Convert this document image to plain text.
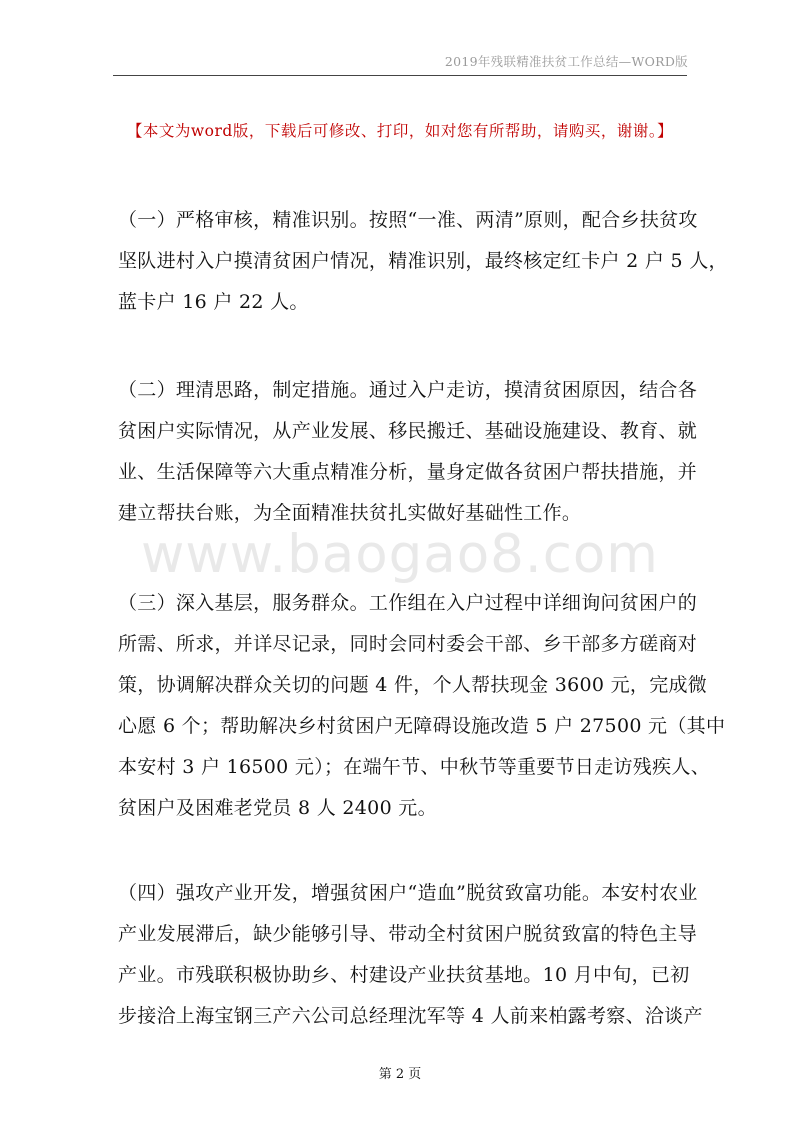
2019年残联精准扶贫工作总结—WORD版
【本文为word版，下载后可修改、打印，如对您有所帮助，请购买，谢谢。】
www.baogao8.com
（一）严格审核，精准识别。按照“一准、两清”原则，配合乡扶贫攻
坚队进村入户摸清贫困户情况，精准识别，最终核定红卡户 2 户 5 人，
蓝卡户 16 户 22 人。
（二）理清思路，制定措施。通过入户走访，摸清贫困原因，结合各
贫困户实际情况，从产业发展、移民搬迁、基础设施建设、教育、就
业、生活保障等六大重点精准分析，量身定做各贫困户帮扶措施，并
建立帮扶台账，为全面精准扶贫扎实做好基础性工作。
（三）深入基层，服务群众。工作组在入户过程中详细询问贫困户的
所需、所求，并详尽记录，同时会同村委会干部、乡干部多方磋商对
策，协调解决群众关切的问题 4 件，个人帮扶现金 3600 元，完成微
心愿 6 个；帮助解决乡村贫困户无障碍设施改造 5 户 27500 元（其中
本安村 3 户 16500 元）；在端午节、中秋节等重要节日走访残疾人、
贫困户及困难老党员 8 人 2400 元。
（四）强攻产业开发，增强贫困户“造血”脱贫致富功能。本安村农业
产业发展滞后，缺少能够引导、带动全村贫困户脱贫致富的特色主导
产业。市残联积极协助乡、村建设产业扶贫基地。10 月中旬，已初
步接洽上海宝钢三产六公司总经理沈军等 4 人前来柏露考察、洽谈产
第 2 页
